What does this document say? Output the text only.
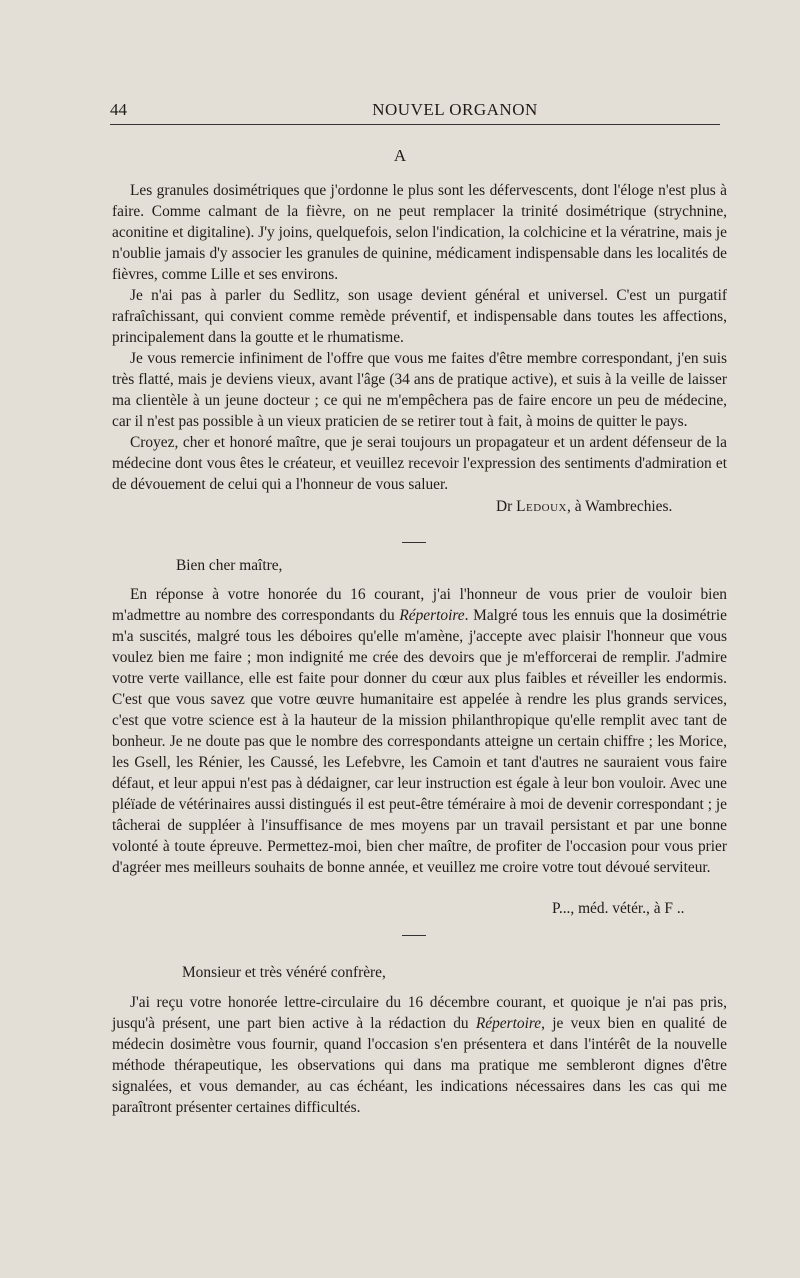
44	NOUVEL ORGANON
A

Les granules dosimétriques que j'ordonne le plus sont les défervescents, dont l'éloge n'est plus à faire. Comme calmant de la fièvre, on ne peut remplacer la trinité dosimétrique (strychnine, aconitine et digitaline). J'y joins, quelquefois, selon l'indication, la colchicine et la vératrine, mais je n'oublie jamais d'y associer les granules de quinine, médicament indispensable dans les localités de fièvres, comme Lille et ses environs.

Je n'ai pas à parler du Sedlitz, son usage devient général et universel. C'est un purgatif rafraîchissant, qui convient comme remède préventif, et indispensable dans toutes les affections, principalement dans la goutte et le rhumatisme.

Je vous remercie infiniment de l'offre que vous me faites d'être membre correspondant, j'en suis très flatté, mais je deviens vieux, avant l'âge (34 ans de pratique active), et suis à la veille de laisser ma clientèle à un jeune docteur ; ce qui ne m'empêchera pas de faire encore un peu de médecine, car il n'est pas possible à un vieux praticien de se retirer tout à fait, à moins de quitter le pays.

Croyez, cher et honoré maître, que je serai toujours un propagateur et un ardent défenseur de la médecine dont vous êtes le créateur, et veuillez recevoir l'expression des sentiments d'admiration et de dévouement de celui qui a l'honneur de vous saluer.

Dr Ledoux, à Wambrechies.
Bien cher maître,

En réponse à votre honorée du 16 courant, j'ai l'honneur de vous prier de vouloir bien m'admettre au nombre des correspondants du Répertoire. Malgré tous les ennuis que la dosimétrie m'a suscités, malgré tous les déboires qu'elle m'amène, j'accepte avec plaisir l'honneur que vous voulez bien me faire ; mon indignité me crée des devoirs que je m'efforcerai de remplir. J'admire votre verte vaillance, elle est faite pour donner du cœur aux plus faibles et réveiller les endormis. C'est que vous savez que votre œuvre humanitaire est appelée à rendre les plus grands services, c'est que votre science est à la hauteur de la mission philanthropique qu'elle remplit avec tant de bonheur. Je ne doute pas que le nombre des correspondants atteigne un certain chiffre ; les Morice, les Gsell, les Rénier, les Caussé, les Lefebvre, les Camoin et tant d'autres ne sauraient vous faire défaut, et leur appui n'est pas à dédaigner, car leur instruction est égale à leur bon vouloir. Avec une pléïade de vétérinaires aussi distingués il est peut-être téméraire à moi de devenir correspondant ; je tâcherai de suppléer à l'insuffisance de mes moyens par un travail persistant et par une bonne volonté à toute épreuve. Permettez-moi, bien cher maître, de profiter de l'occasion pour vous prier d'agréer mes meilleurs souhaits de bonne année, et veuillez me croire votre tout dévoué serviteur.

P..., méd. vétér., à F ..
Monsieur et très vénéré confrère,

J'ai reçu votre honorée lettre-circulaire du 16 décembre courant, et quoique je n'ai pas pris, jusqu'à présent, une part bien active à la rédaction du Répertoire, je veux bien en qualité de médecin dosimètre vous fournir, quand l'occasion s'en présentera et dans l'intérêt de la nouvelle méthode thérapeutique, les observations qui dans ma pratique me sembleront dignes d'être signalées, et vous demander, au cas échéant, les indications nécessaires dans les cas qui me paraîtront présenter certaines difficultés.
